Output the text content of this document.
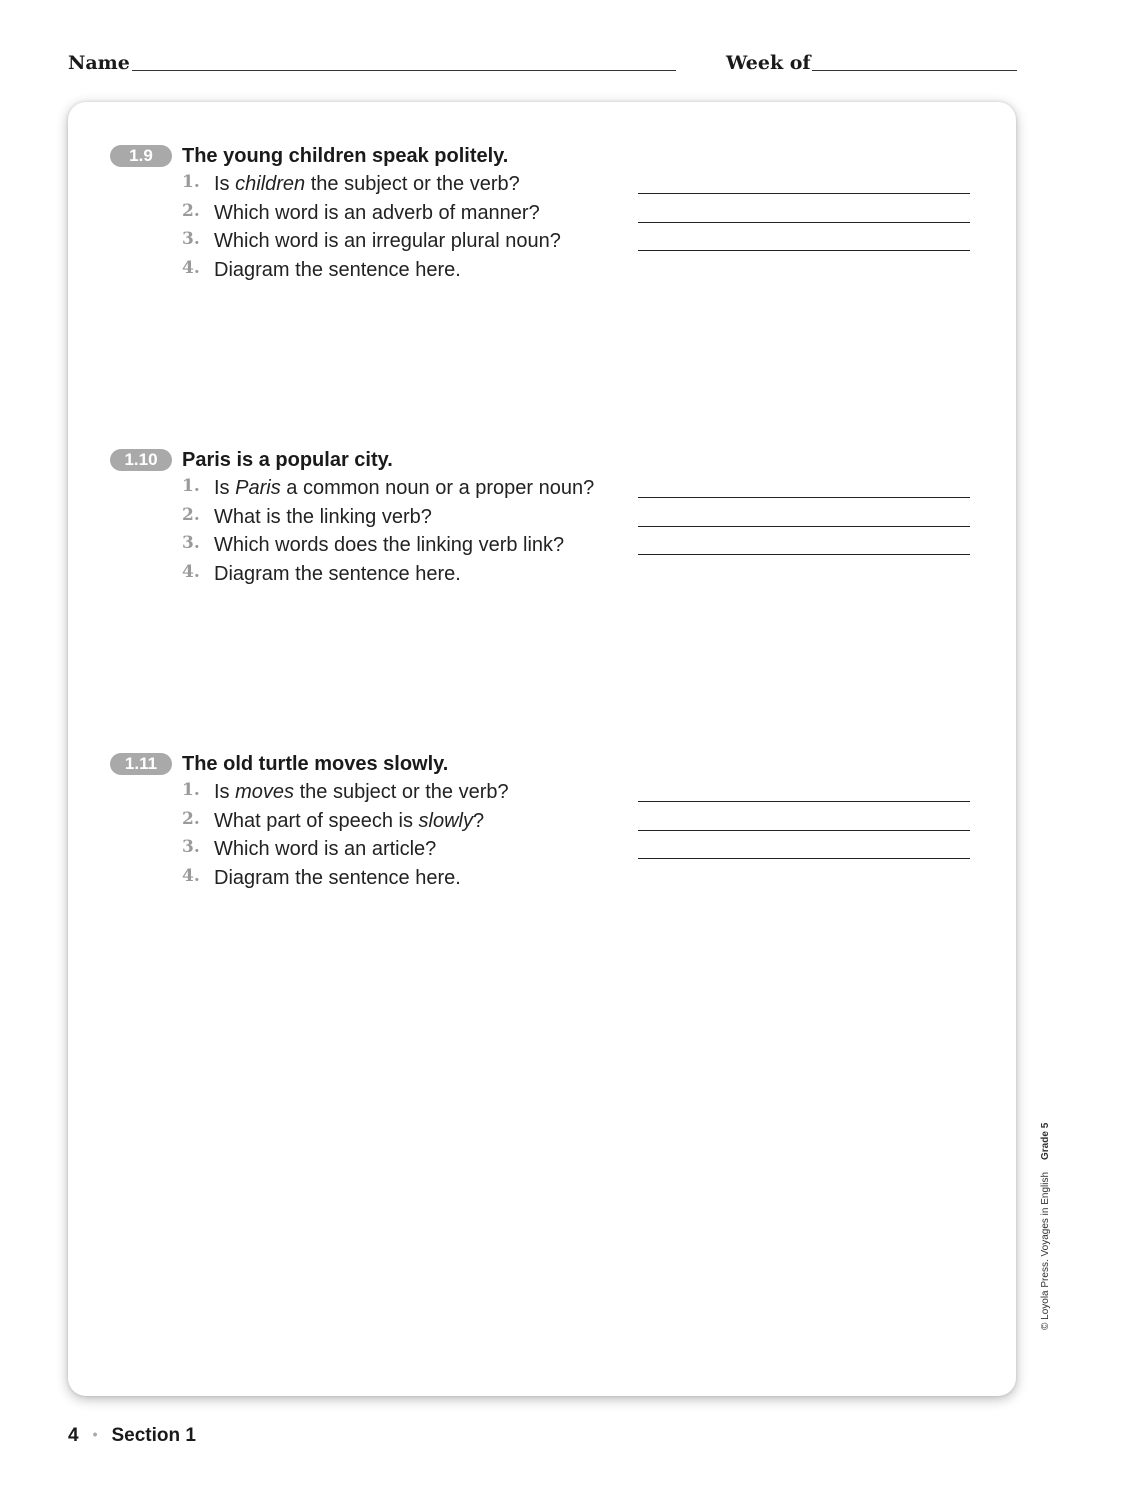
Name	Week of
1.9	The young children speak politely.
1. Is children the subject or the verb?
2. Which word is an adverb of manner?
3. Which word is an irregular plural noun?
4. Diagram the sentence here.
1.10	Paris is a popular city.
1. Is Paris a common noun or a proper noun?
2. What is the linking verb?
3. Which words does the linking verb link?
4. Diagram the sentence here.
1.11	The old turtle moves slowly.
1. Is moves the subject or the verb?
2. What part of speech is slowly?
3. Which word is an article?
4. Diagram the sentence here.
© Loyola Press. Voyages in EnglishGrade 5
4 • Section 1
